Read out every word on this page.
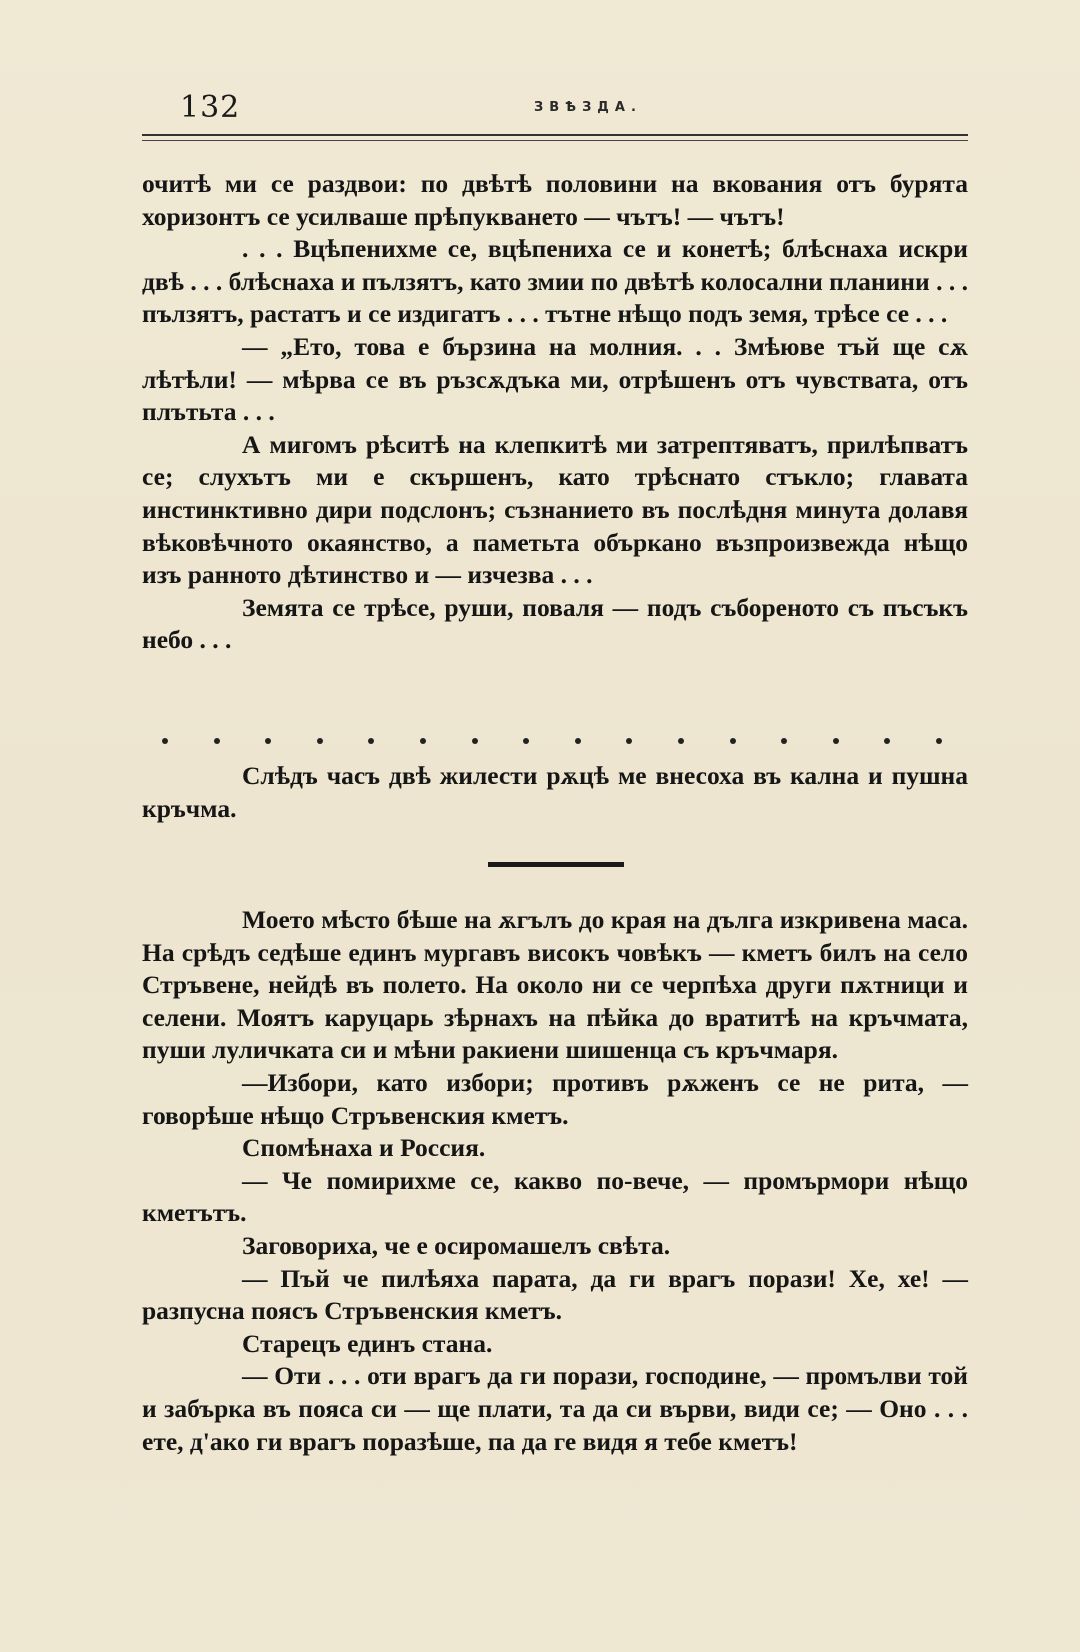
132	ЗВѢЗДА.

очитѣ ми се раздвои: по двѣтѣ половини на вкования отъ бурята хоризонтъ се усилваше прѣпукването — чътъ! — чътъ!

. . . Вцѣпенихме се, вцѣпениха се и конетѣ; блѣснаха искри двѣ . . . блѣснаха и пълзятъ, като змии по двѣтѣ колосални планини . . . пълзятъ, растатъ и се издигатъ . . . тътне нѣщо подъ земя, трѣсе се . . .

— „Ето, това е бързина на молния. . . Змѣюве тъй ще сѫ лѣтѣли! — мѣрва се въ ръзсѫдъка ми, отрѣшенъ отъ чувствата, отъ плътьта . . .

А мигомъ рѣситѣ на клепкитѣ ми затрептяватъ, прилѣпватъ се; слухътъ ми е скършенъ, като трѣснато стъкло; главата инстинктивно дири подслонъ; съзнанието въ послѣдня минута долавя вѣковѣчното окаянство, а паметьта объркано възпроизвежда нѣщо изъ ранното дѣтинство и — изчезва . . .

Земята се трѣсе, руши, поваля — подъ събореното съ пъсъкъ небо . . .

Слѣдъ часъ двѣ жилести рѫцѣ ме внесоха въ кална и пушна кръчма.

Моето мѣсто бѣше на ѫгълъ до края на дълга изкривена маса. На срѣдъ седѣше единъ мургавъ високъ човѣкъ — кметъ билъ на село Стръвене, нейдѣ въ полето. На около ни се черпѣха други пѫтници и селени. Моятъ каруцарь зѣрнахъ на пѣйка до вратитѣ на кръчмата, пуши луличката си и мѣни ракиени шишенца съ кръчмаря.

—Избори, като избори; противъ рѫженъ се не рита, — говорѣше нѣщо Стръвенския кметъ.

Спомѣнаха и Россия.

— Че помирихме се, какво по-вече, — промърмори нѣщо кметътъ.

Заговориха, че е осиромашелъ свѣта.

— Пъй че пилѣяха парата, да ги врагъ порази! Хе, хе! — разпусна поясъ Стръвенския кметъ.

Старецъ единъ стана.

— Оти . . . оти врагъ да ги порази, господине, — промълви той и забърка въ пояса си — ще плати, та да си върви, види се; — Оно . . . ете, д'ако ги врагъ поразѣше, па да ге видя я тебе кметъ!
